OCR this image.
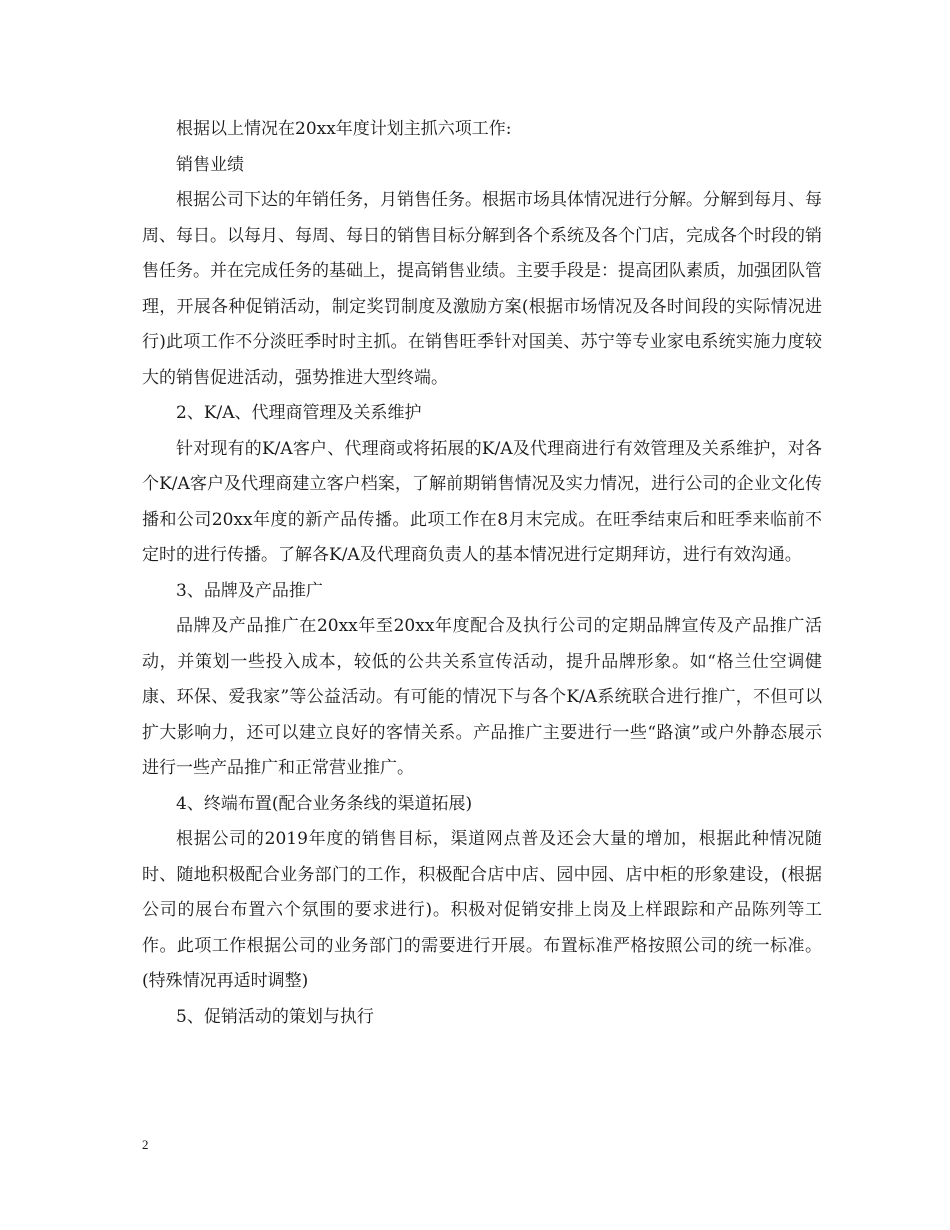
根据以上情况在20xx年度计划主抓六项工作:

销售业绩

根据公司下达的年销任务，月销售任务。根据市场具体情况进行分解。分解到每月、每周、每日。以每月、每周、每日的销售目标分解到各个系统及各个门店，完成各个时段的销售任务。并在完成任务的基础上，提高销售业绩。主要手段是：提高团队素质，加强团队管理，开展各种促销活动，制定奖罚制度及激励方案(根据市场情况及各时间段的实际情况进行)此项工作不分淡旺季时时主抓。在销售旺季针对国美、苏宁等专业家电系统实施力度较大的销售促进活动，强势推进大型终端。

2、K/A、代理商管理及关系维护

针对现有的K/A客户、代理商或将拓展的K/A及代理商进行有效管理及关系维护，对各个K/A客户及代理商建立客户档案，了解前期销售情况及实力情况，进行公司的企业文化传播和公司20xx年度的新产品传播。此项工作在8月末完成。在旺季结束后和旺季来临前不定时的进行传播。了解各K/A及代理商负责人的基本情况进行定期拜访，进行有效沟通。

3、品牌及产品推广

品牌及产品推广在20xx年至20xx年度配合及执行公司的定期品牌宣传及产品推广活动，并策划一些投入成本，较低的公共关系宣传活动，提升品牌形象。如“格兰仕空调健康、环保、爱我家”等公益活动。有可能的情况下与各个K/A系统联合进行推广，不但可以扩大影响力，还可以建立良好的客情关系。产品推广主要进行一些“路演”或户外静态展示进行一些产品推广和正常营业推广。

4、终端布置(配合业务条线的渠道拓展)

根据公司的2019年度的销售目标，渠道网点普及还会大量的增加，根据此种情况随时、随地积极配合业务部门的工作，积极配合店中店、园中园、店中柜的形象建设，(根据公司的展台布置六个氛围的要求进行)。积极对促销安排上岗及上样跟踪和产品陈列等工作。此项工作根据公司的业务部门的需要进行开展。布置标准严格按照公司的统一标准。(特殊情况再适时调整)

5、促销活动的策划与执行

2
